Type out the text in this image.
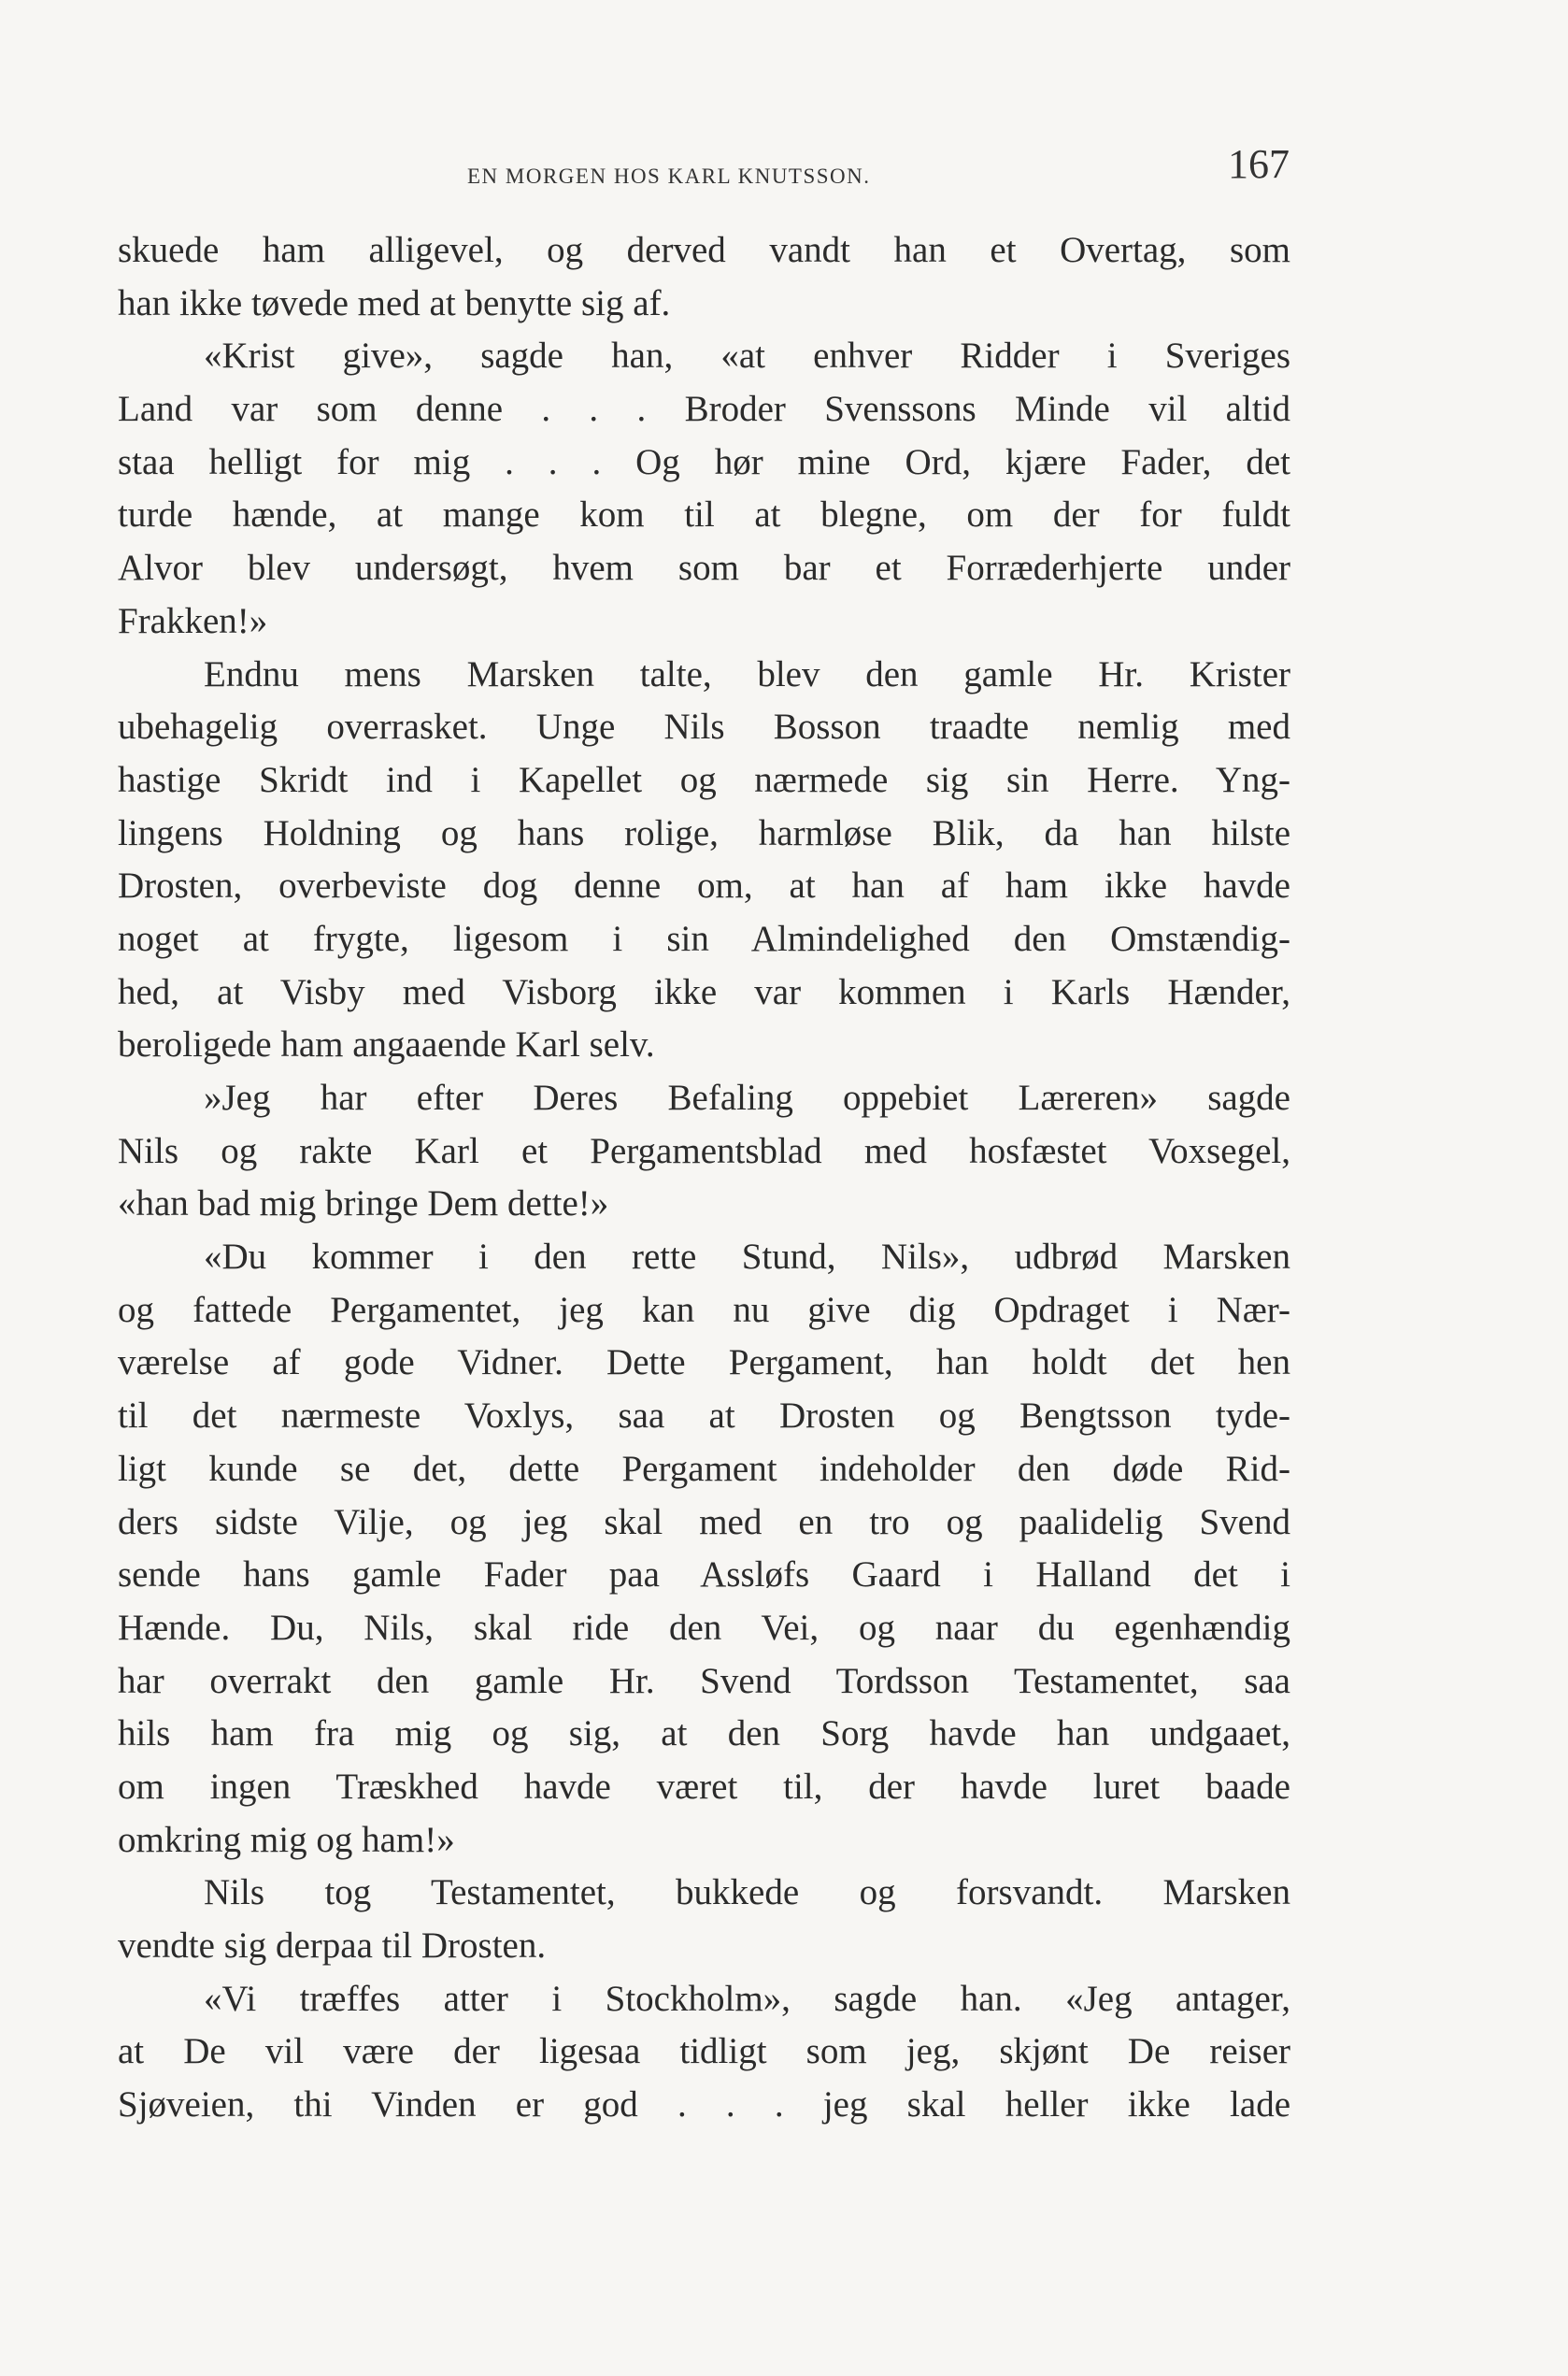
EN MORGEN HOS KARL KNUTSSON.	167
skuede ham alligevel, og derved vandt han et Overtag, som
han ikke tøvede med at benytte sig af.
«Krist give», sagde han, «at enhver Ridder i Sveriges
Land var som denne . . . Broder Svenssons Minde vil altid
staa helligt for mig . . . Og hør mine Ord, kjære Fader, det
turde hænde, at mange kom til at blegne, om der for fuldt
Alvor blev undersøgt, hvem som bar et Forræderhjerte under
Frakken!»
Endnu mens Marsken talte, blev den gamle Hr. Krister
ubehagelig overrasket. Unge Nils Bosson traadte nemlig med
hastige Skridt ind i Kapellet og nærmede sig sin Herre. Yng-
lingens Holdning og hans rolige, harmløse Blik, da han hilste
Drosten, overbeviste dog denne om, at han af ham ikke havde
noget at frygte, ligesom i sin Almindelighed den Omstændig-
hed, at Visby med Visborg ikke var kommen i Karls Hænder,
beroligede ham angaaende Karl selv.
»Jeg har efter Deres Befaling oppebiet Læreren» sagde
Nils og rakte Karl et Pergamentsblad med hosfæstet Voxsegel,
«han bad mig bringe Dem dette!»
«Du kommer i den rette Stund, Nils», udbrød Marsken
og fattede Pergamentet, jeg kan nu give dig Opdraget i Nær-
værelse af gode Vidner. Dette Pergament, han holdt det hen
til det nærmeste Voxlys, saa at Drosten og Bengtsson tyde-
ligt kunde se det, dette Pergament indeholder den døde Rid-
ders sidste Vilje, og jeg skal med en tro og paalidelig Svend
sende hans gamle Fader paa Assløfs Gaard i Halland det i
Hænde. Du, Nils, skal ride den Vei, og naar du egenhændig
har overrakt den gamle Hr. Svend Tordsson Testamentet, saa
hils ham fra mig og sig, at den Sorg havde han undgaaet,
om ingen Træskhed havde været til, der havde luret baade
omkring mig og ham!»
Nils tog Testamentet, bukkede og forsvandt. Marsken
vendte sig derpaa til Drosten.
«Vi træffes atter i Stockholm», sagde han. «Jeg antager,
at De vil være der ligesaa tidligt som jeg, skjønt De reiser
Sjøveien, thi Vinden er god . . . jeg skal heller ikke lade
